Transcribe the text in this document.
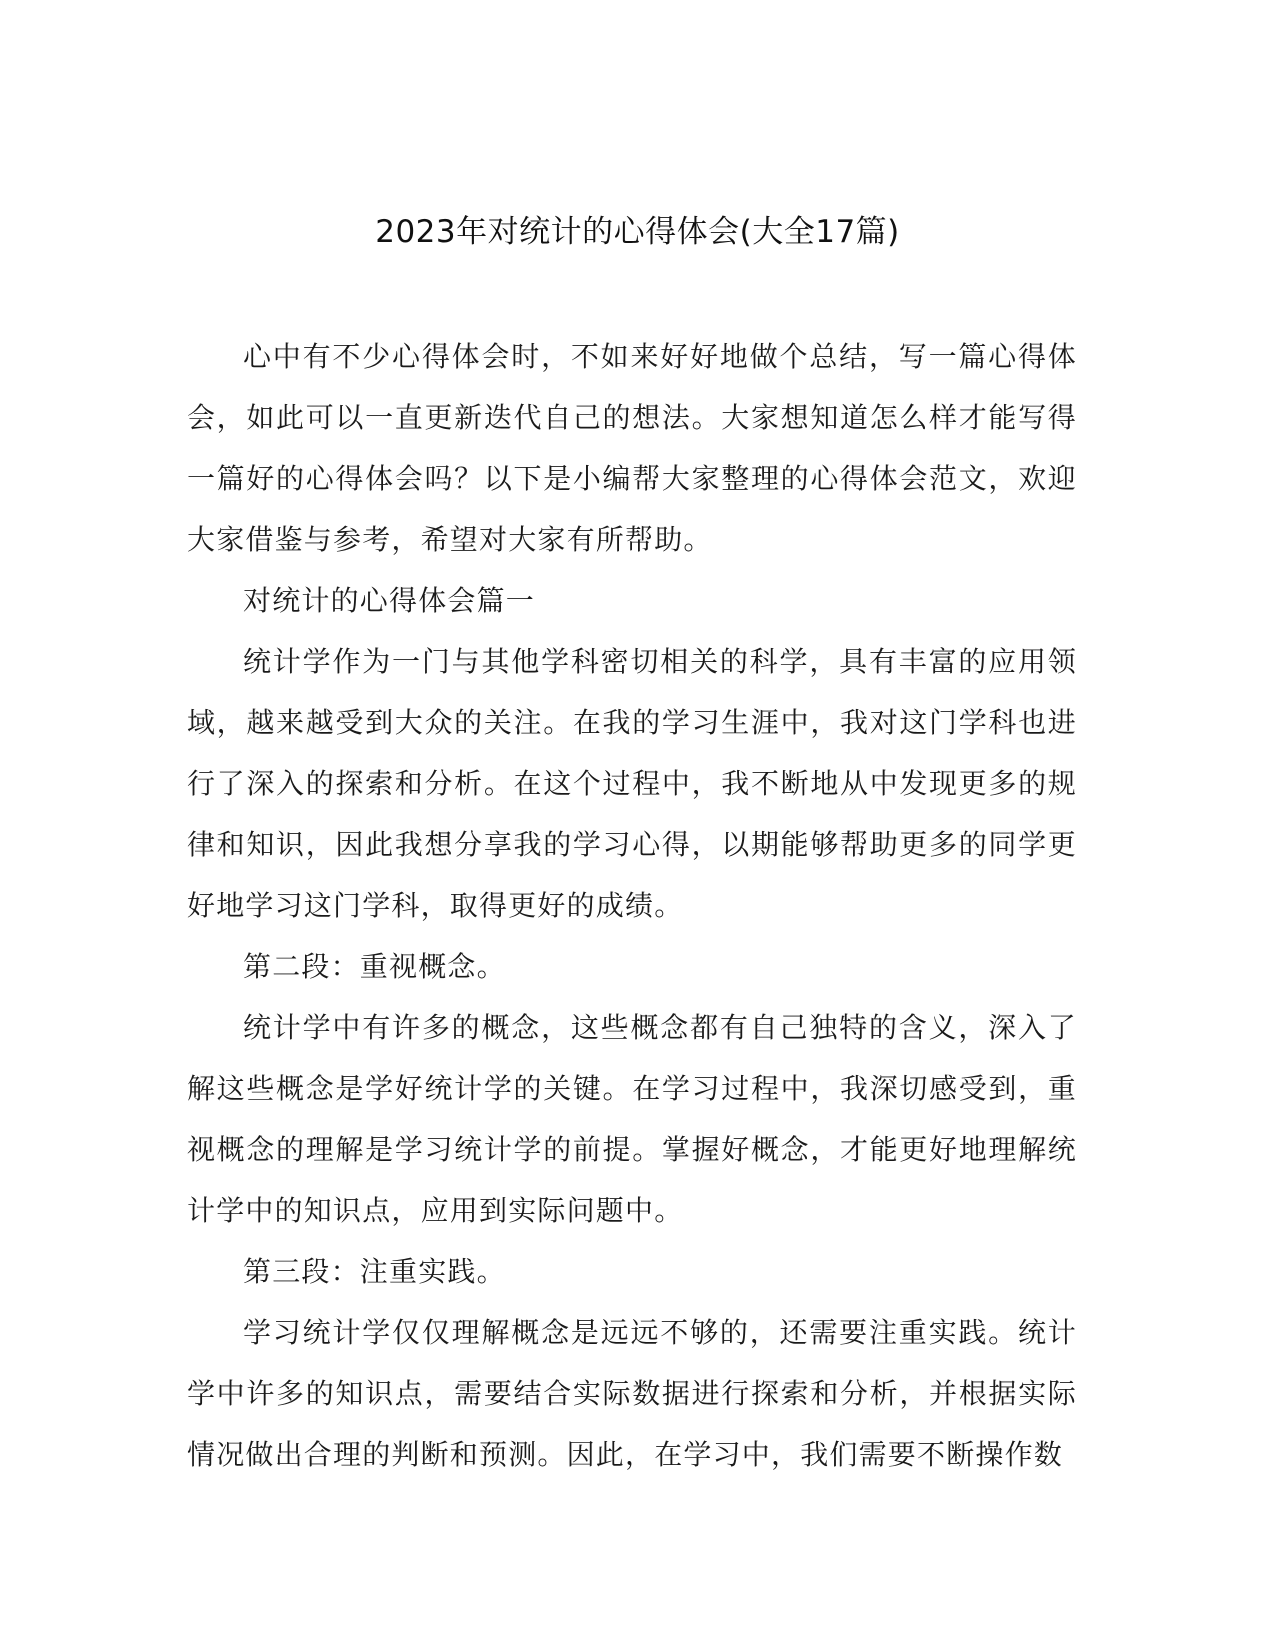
2023年对统计的心得体会(大全17篇)

心中有不少心得体会时，不如来好好地做个总结，写一篇心得体会，如此可以一直更新迭代自己的想法。大家想知道怎么样才能写得一篇好的心得体会吗？以下是小编帮大家整理的心得体会范文，欢迎大家借鉴与参考，希望对大家有所帮助。

对统计的心得体会篇一

统计学作为一门与其他学科密切相关的科学，具有丰富的应用领域，越来越受到大众的关注。在我的学习生涯中，我对这门学科也进行了深入的探索和分析。在这个过程中，我不断地从中发现更多的规律和知识，因此我想分享我的学习心得，以期能够帮助更多的同学更好地学习这门学科，取得更好的成绩。

第二段：重视概念。

统计学中有许多的概念，这些概念都有自己独特的含义，深入了解这些概念是学好统计学的关键。在学习过程中，我深切感受到，重视概念的理解是学习统计学的前提。掌握好概念，才能更好地理解统计学中的知识点，应用到实际问题中。

第三段：注重实践。

学习统计学仅仅理解概念是远远不够的，还需要注重实践。统计学中许多的知识点，需要结合实际数据进行探索和分析，并根据实际情况做出合理的判断和预测。因此，在学习中，我们需要不断操作数
